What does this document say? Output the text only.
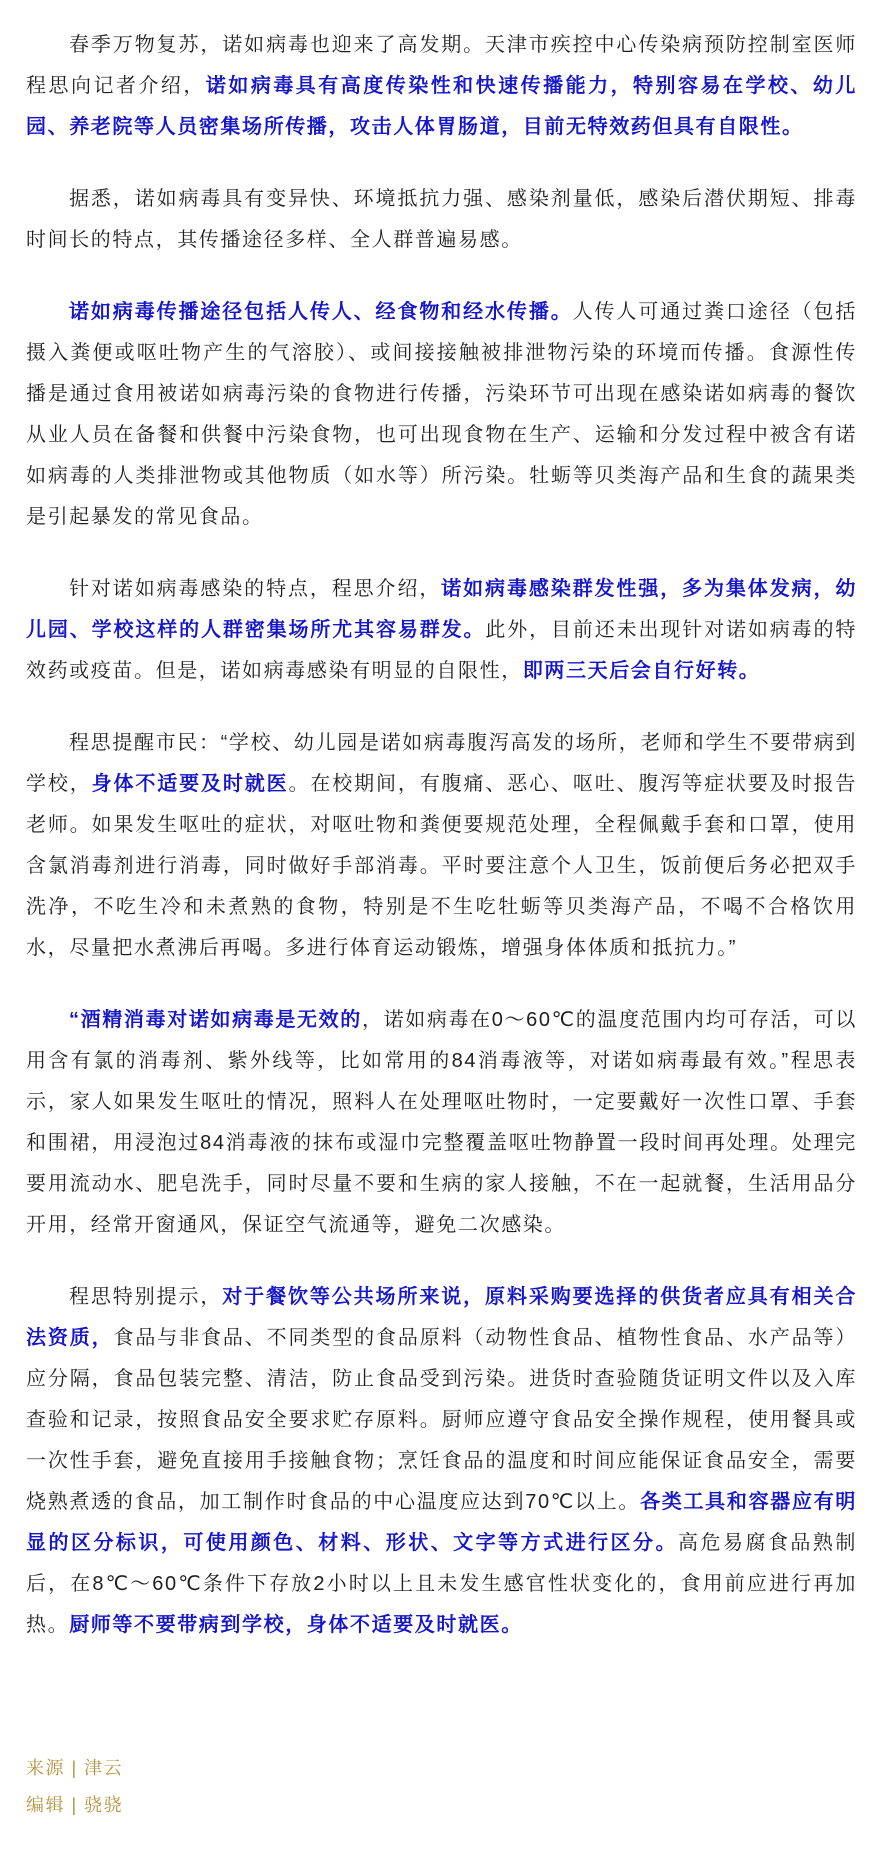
春季万物复苏，诺如病毒也迎来了高发期。天津市疾控中心传染病预防控制室医师程思向记者介绍，诺如病毒具有高度传染性和快速传播能力，特别容易在学校、幼儿园、养老院等人员密集场所传播，攻击人体胃肠道，目前无特效药但具有自限性。

据悉，诺如病毒具有变异快、环境抵抗力强、感染剂量低，感染后潜伏期短、排毒时间长的特点，其传播途径多样、全人群普遍易感。

诺如病毒传播途径包括人传人、经食物和经水传播。人传人可通过粪口途径（包括摄入粪便或呕吐物产生的气溶胶）、或间接接触被排泄物污染的环境而传播。食源性传播是通过食用被诺如病毒污染的食物进行传播，污染环节可出现在感染诺如病毒的餐饮从业人员在备餐和供餐中污染食物，也可出现食物在生产、运输和分发过程中被含有诺如病毒的人类排泄物或其他物质（如水等）所污染。牡蛎等贝类海产品和生食的蔬果类是引起暴发的常见食品。

针对诺如病毒感染的特点，程思介绍，诺如病毒感染群发性强，多为集体发病，幼儿园、学校这样的人群密集场所尤其容易群发。此外，目前还未出现针对诺如病毒的特效药或疫苗。但是，诺如病毒感染有明显的自限性，即两三天后会自行好转。

程思提醒市民：“学校、幼儿园是诺如病毒腹泻高发的场所，老师和学生不要带病到学校，身体不适要及时就医。在校期间，有腹痛、恶心、呕吐、腹泻等症状要及时报告老师。如果发生呕吐的症状，对呕吐物和粪便要规范处理，全程佩戴手套和口罩，使用含氯消毒剂进行消毒，同时做好手部消毒。平时要注意个人卫生，饭前便后务必把双手洗净，不吃生冷和未煮熟的食物，特别是不生吃牡蛎等贝类海产品，不喝不合格饮用水，尽量把水煮沸后再喝。多进行体育运动锻炼，增强身体体质和抵抗力。”

“酒精消毒对诺如病毒是无效的，诺如病毒在0～60℃的温度范围内均可存活，可以用含有氯的消毒剂、紫外线等，比如常用的84消毒液等，对诺如病毒最有效。”程思表示，家人如果发生呕吐的情况，照料人在处理呕吐物时，一定要戴好一次性口罩、手套和围裙，用浸泡过84消毒液的抹布或湿巾完整覆盖呕吐物静置一段时间再处理。处理完要用流动水、肥皂洗手，同时尽量不要和生病的家人接触，不在一起就餐，生活用品分开用，经常开窗通风，保证空气流通等，避免二次感染。

程思特别提示，对于餐饮等公共场所来说，原料采购要选择的供货者应具有相关合法资质，食品与非食品、不同类型的食品原料（动物性食品、植物性食品、水产品等）应分隔，食品包装完整、清洁，防止食品受到污染。进货时查验随货证明文件以及入库查验和记录，按照食品安全要求贮存原料。厨师应遵守食品安全操作规程，使用餐具或一次性手套，避免直接用手接触食物；烹饪食品的温度和时间应能保证食品安全，需要烧熟煮透的食品，加工制作时食品的中心温度应达到70℃以上。各类工具和容器应有明显的区分标识，可使用颜色、材料、形状、文字等方式进行区分。高危易腐食品熟制后，在8℃～60℃条件下存放2小时以上且未发生感官性状变化的，食用前应进行再加热。厨师等不要带病到学校，身体不适要及时就医。

来源 | 津云
编辑 | 骁骁
